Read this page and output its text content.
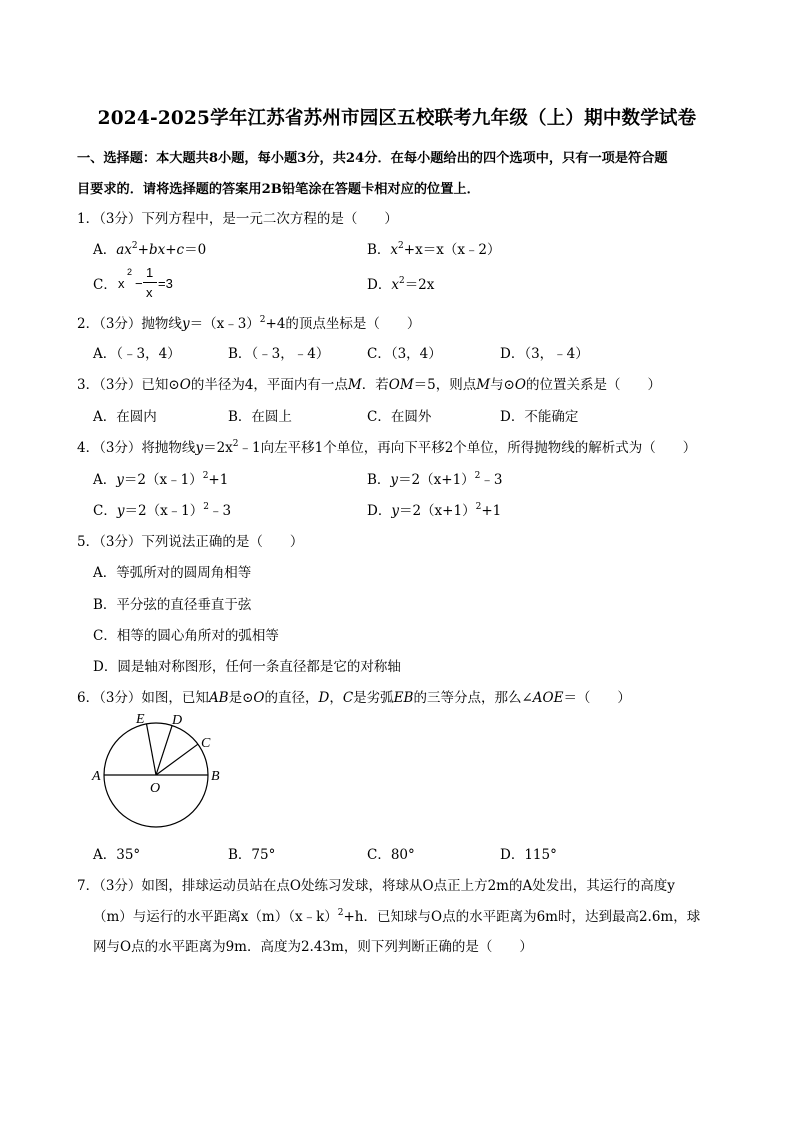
2024-2025学年江苏省苏州市园区五校联考九年级（上）期中数学试卷
一、选择题：本大题共8小题，每小题3分，共24分．在每小题给出的四个选项中，只有一项是符合题
目要求的．请将选择题的答案用2B铅笔涂在答题卡相对应的位置上．
1．（3分）下列方程中，是一元二次方程的是（　　）
A．$ax^2+bx+c=0$	B．$x^2+x=x(x﹣2)$
C． x
2
−
1
x
=3	D．$x^2=2x$
2．（3分）抛物线y＝（x﹣3）$^2$+4的顶点坐标是（　　）
A．（﹣3，4）	B．（﹣3，﹣4）	C．（3，4）	D．（3，﹣4）
3．（3分）已知⊙O的半径为4，平面内有一点M．若OM＝5，则点M与⊙O的位置关系是（　　）
A．在圆内	B．在圆上	C．在圆外	D．不能确定
4．（3分）将抛物线$y=2x^2﹣1$向左平移1个单位，再向下平移2个单位，所得抛物线的解析式为（　　）
A．y＝2（x﹣1）$^2$+1	B．$y=2(x+1)^2﹣3$
C．y＝2（x﹣1）$^2$﹣3	D．$y=2(x+1)^2+1$
5．（3分）下列说法正确的是（　　）
A．等弧所对的圆周角相等
B．平分弦的直径垂直于弦
C．相等的圆心角所对的弧相等
D．圆是轴对称图形，任何一条直径都是它的对称轴
6．（3分）如图，已知AB是⊙O的直径，D，C是劣弧EB的三等分点，那么∠AOE＝（　　）
E D
C
A	B
O
A．35°	B．75°	C．80°	D．115°
7．（3分）如图，排球运动员站在点O处练习发球，将球从O点正上方2m的A处发出，其运行的高度y
（m）与运行的水平距离x（m）（x﹣k）$^2$+h．已知球与O点的水平距离为6m时，达到最高2.6m，球
网与O点的水平距离为9m．高度为2.43m，则下列判断正确的是（　　）
